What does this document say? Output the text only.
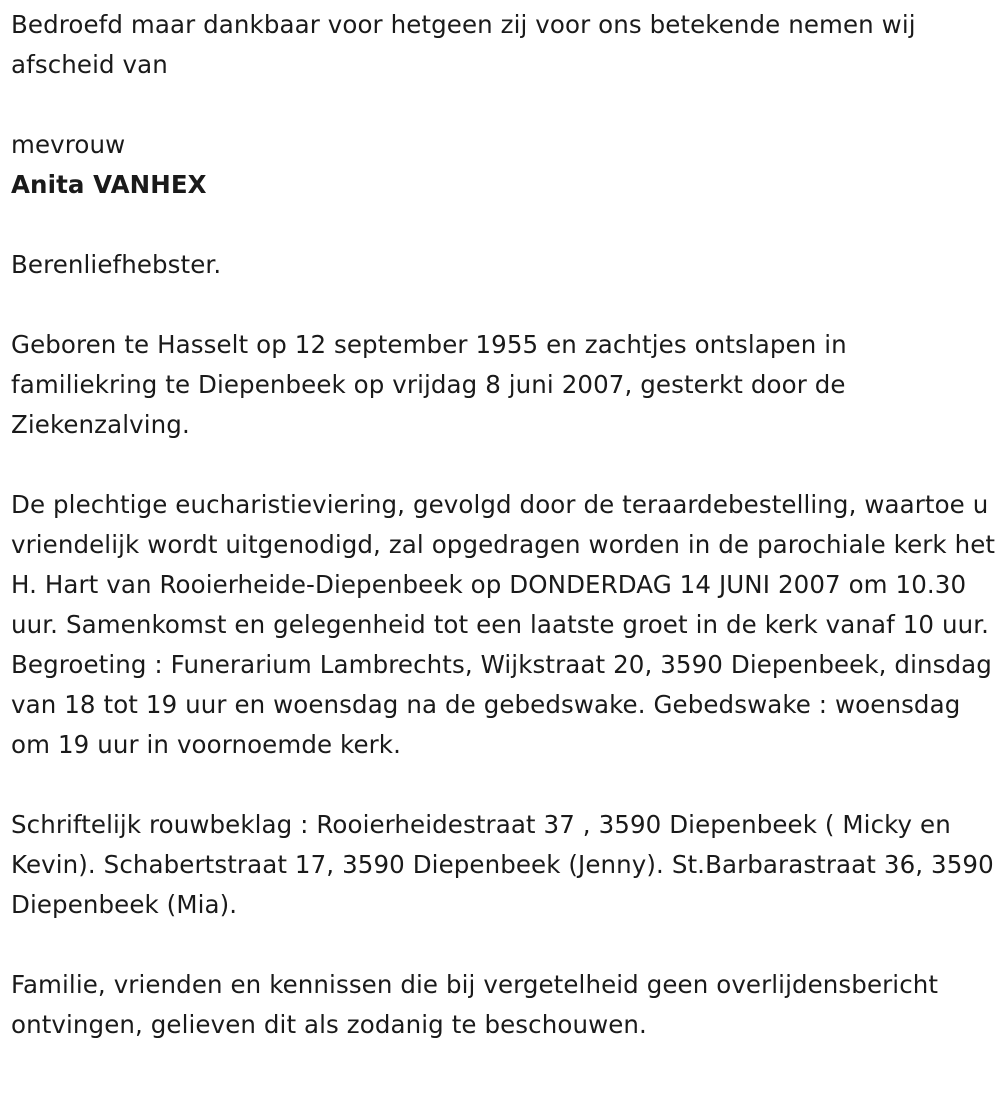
Bedroefd maar dankbaar voor hetgeen zij voor ons betekende nemen wij afscheid van

mevrouw

Anita VANHEX

Berenliefhebster.

Geboren te Hasselt op 12 september 1955 en zachtjes ontslapen in familiekring te Diepenbeek op vrijdag 8 juni 2007, gesterkt door de Ziekenzalving.

De plechtige eucharistieviering, gevolgd door de teraardebestelling, waartoe u vriendelijk wordt uitgenodigd, zal opgedragen worden in de parochiale kerk het H. Hart van Rooierheide-Diepenbeek op DONDERDAG 14 JUNI 2007 om 10.30 uur. Samenkomst en gelegenheid tot een laatste groet in de kerk vanaf 10 uur. Begroeting : Funerarium Lambrechts, Wijkstraat 20, 3590 Diepenbeek, dinsdag van 18 tot 19 uur en woensdag na de gebedswake. Gebedswake : woensdag om 19 uur in voornoemde kerk.

Schriftelijk rouwbeklag : Rooierheidestraat 37 , 3590 Diepenbeek ( Micky en Kevin). Schabertstraat 17, 3590 Diepenbeek (Jenny). St.Barbarastraat 36, 3590 Diepenbeek (Mia).

Familie, vrienden en kennissen die bij vergetelheid geen overlijdensbericht ontvingen, gelieven dit als zodanig te beschouwen.
